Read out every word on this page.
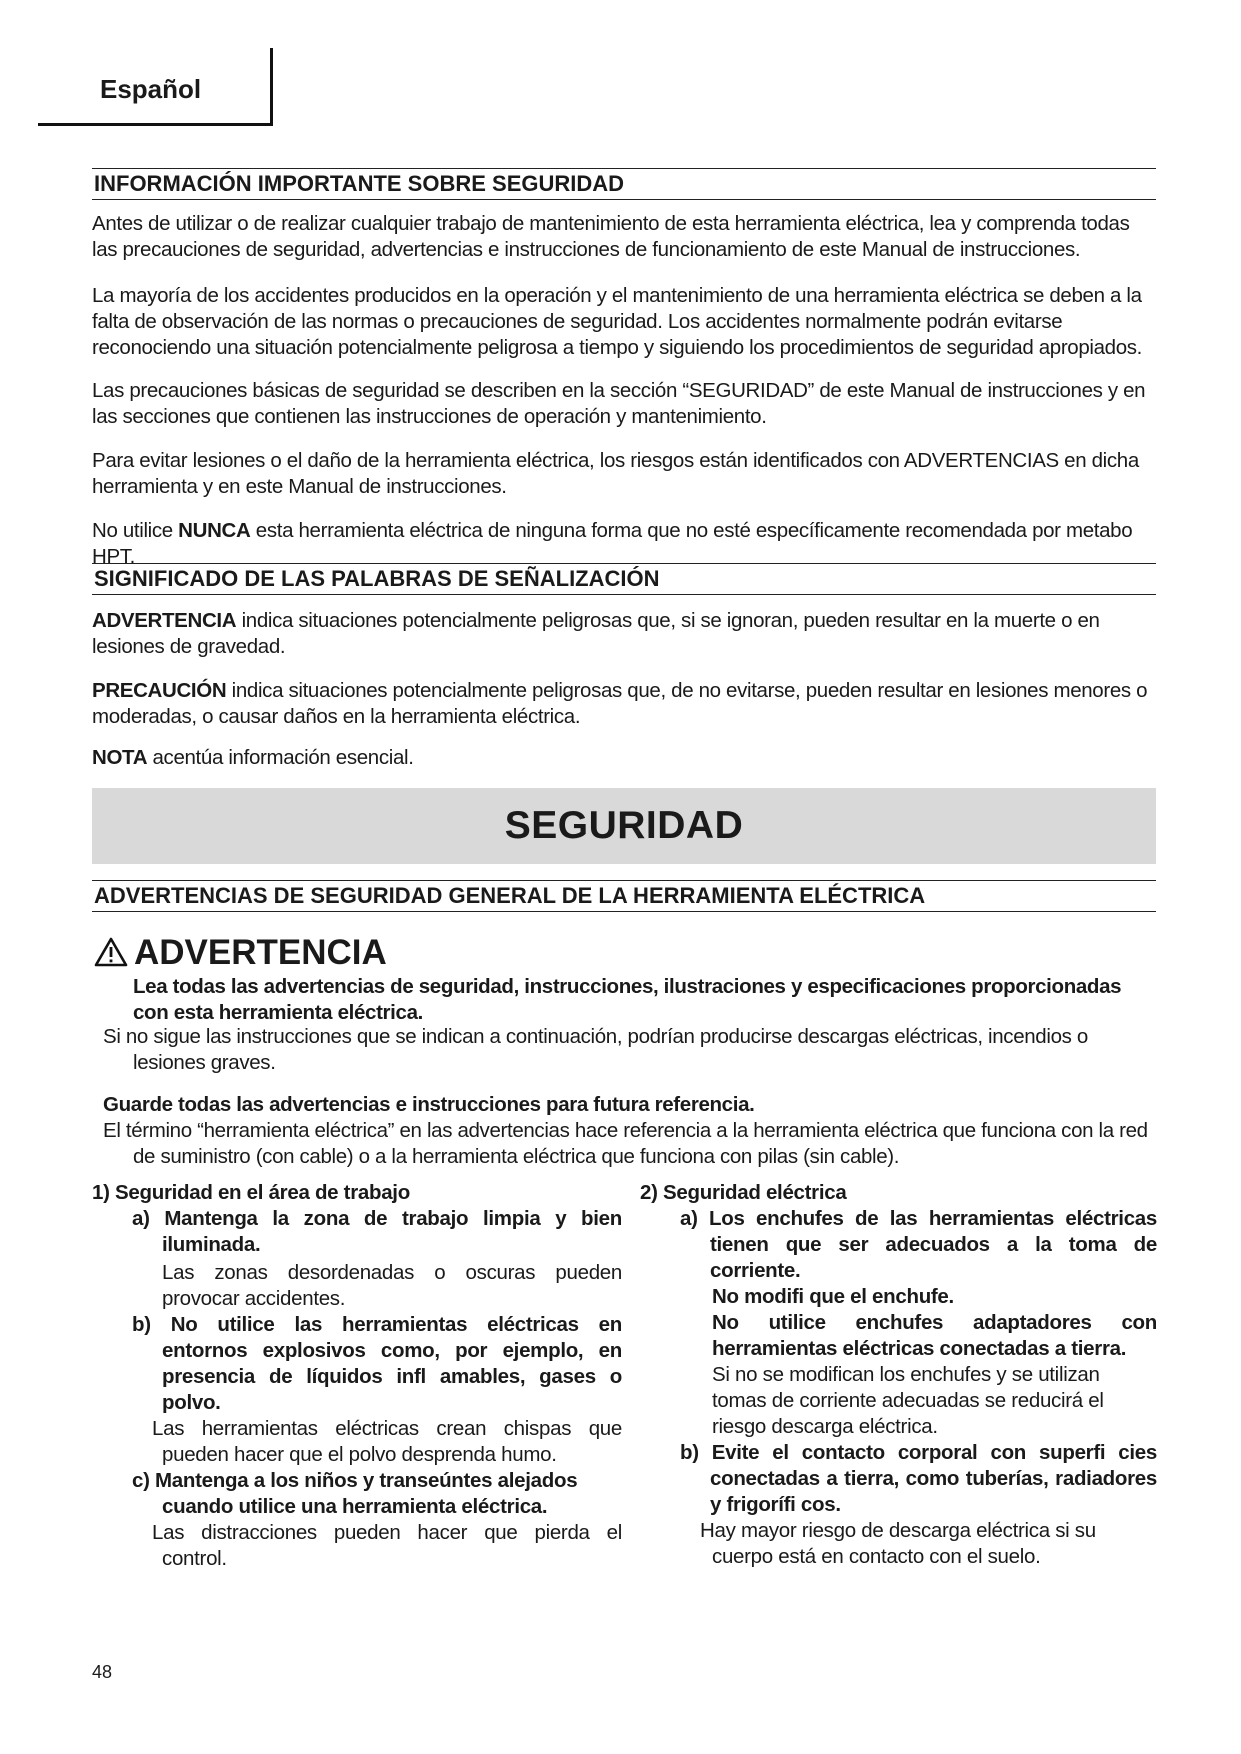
Español
INFORMACIÓN IMPORTANTE SOBRE SEGURIDAD

Antes de utilizar o de realizar cualquier trabajo de mantenimiento de esta herramienta eléctrica, lea y comprenda todas las precauciones de seguridad, advertencias e instrucciones de funcionamiento de este Manual de instrucciones.

La mayoría de los accidentes producidos en la operación y el mantenimiento de una herramienta eléctrica se deben a la falta de observación de las normas o precauciones de seguridad. Los accidentes normalmente podrán evitarse reconociendo una situación potencialmente peligrosa a tiempo y siguiendo los procedimientos de seguridad apropiados.

Las precauciones básicas de seguridad se describen en la sección “SEGURIDAD” de este Manual de instrucciones y en las secciones que contienen las instrucciones de operación y mantenimiento.

Para evitar lesiones o el daño de la herramienta eléctrica, los riesgos están identificados con ADVERTENCIAS en dicha herramienta y en este Manual de instrucciones.

No utilice NUNCA esta herramienta eléctrica de ninguna forma que no esté específicamente recomendada por metabo HPT.

SIGNIFICADO DE LAS PALABRAS DE SEÑALIZACIÓN

ADVERTENCIA indica situaciones potencialmente peligrosas que, si se ignoran, pueden resultar en la muerte o en lesiones de gravedad.

PRECAUCIÓN indica situaciones potencialmente peligrosas que, de no evitarse, pueden resultar en lesiones menores o moderadas, o causar daños en la herramienta eléctrica.

NOTA acentúa información esencial.

SEGURIDAD
ADVERTENCIAS DE SEGURIDAD GENERAL DE LA HERRAMIENTA ELÉCTRICA
ADVERTENCIA

Lea todas las advertencias de seguridad, instrucciones, ilustraciones y especificaciones proporcionadas con esta herramienta eléctrica.

Si no sigue las instrucciones que se indican a continuación, podrían producirse descargas eléctricas, incendios o lesiones graves.

Guarde todas las advertencias e instrucciones para futura referencia.

El término “herramienta eléctrica” en las advertencias hace referencia a la herramienta eléctrica que funciona con la red de suministro (con cable) o a la herramienta eléctrica que funciona con pilas (sin cable).

1) Seguridad en el área de trabajo
a) Mantenga la zona de trabajo limpia y bien iluminada.
Las zonas desordenadas o oscuras pueden provocar accidentes.
b) No utilice las herramientas eléctricas en entornos explosivos como, por ejemplo, en presencia de líquidos infl amables, gases o polvo.
Las herramientas eléctricas crean chispas que pueden hacer que el polvo desprenda humo.
c) Mantenga a los niños y transeúntes alejados cuando utilice una herramienta eléctrica.
Las distracciones pueden hacer que pierda el control.
2) Seguridad eléctrica
a) Los enchufes de las herramientas eléctricas tienen que ser adecuados a la toma de corriente.
No modifi que el enchufe.
No utilice enchufes adaptadores con herramientas eléctricas conectadas a tierra.
Si no se modifican los enchufes y se utilizan tomas de corriente adecuadas se reducirá el riesgo descarga eléctrica.
b) Evite el contacto corporal con superfi cies conectadas a tierra, como tuberías, radiadores y frigorífi cos.
Hay mayor riesgo de descarga eléctrica si su cuerpo está en contacto con el suelo.
48
